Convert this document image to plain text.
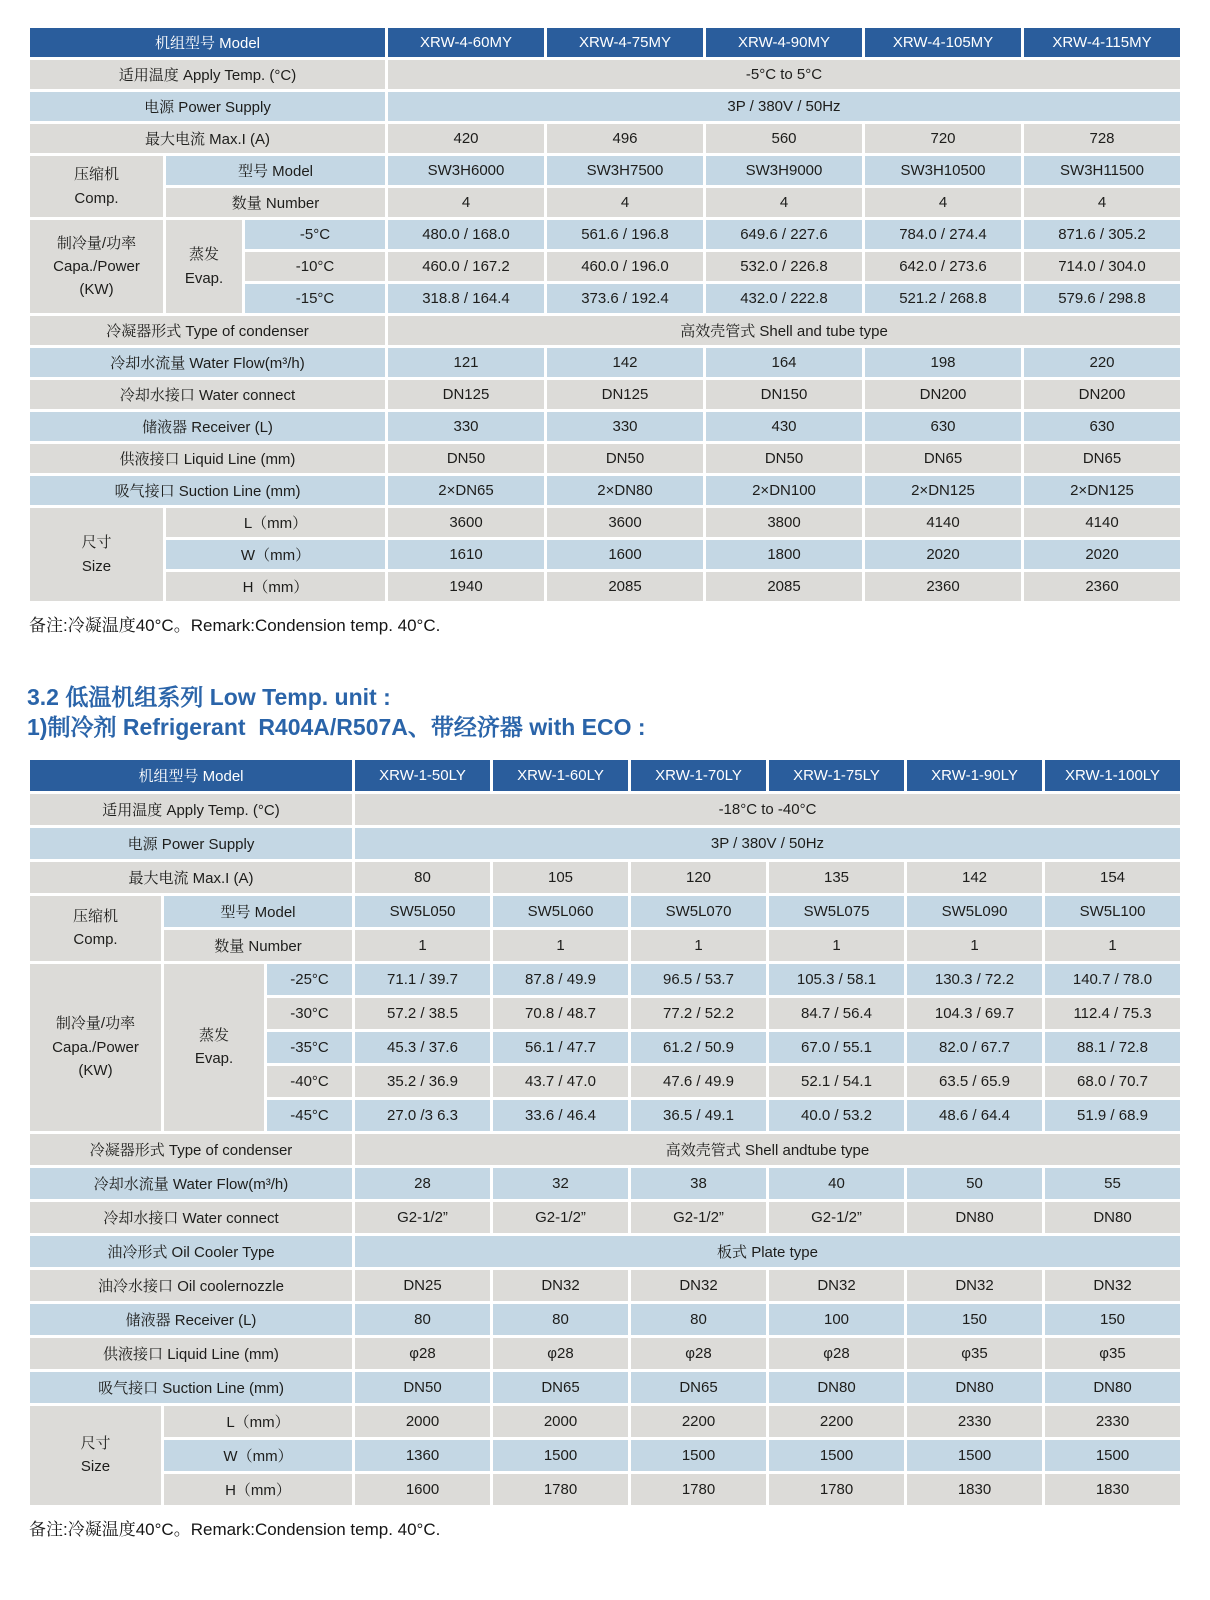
机组型号 Model			XRW-4-60MY	XRW-4-75MY	XRW-4-90MY	XRW-4-105MY	XRW-4-115MY
适用温度 Apply Temp. (°C)			-5°C to 5°C				
电源 Power Supply			3P / 380V / 50Hz				
最大电流 Max.I (A)			420	496	560	720	728
压缩机
Comp.	型号 Model		SW3H6000	SW3H7500	SW3H9000	SW3H10500	SW3H11500
	数量 Number		4	4	4	4	4
制冷量/功率
Capa./Power
(KW)	蒸发
Evap.	-5°C	480.0 / 168.0	561.6 / 196.8	649.6 / 227.6	784.0 / 274.4	871.6 / 305.2
		-10°C	460.0 / 167.2	460.0 / 196.0	532.0 / 226.8	642.0 / 273.6	714.0 / 304.0
		-15°C	318.8 / 164.4	373.6 / 192.4	432.0 / 222.8	521.2 / 268.8	579.6 / 298.8
冷凝器形式 Type of condenser			高效壳管式 Shell and tube type				
冷却水流量 Water Flow(m³/h)			121	142	164	198	220
冷却水接口 Water connect			DN125	DN125	DN150	DN200	DN200
储液器 Receiver (L)			330	330	430	630	630
供液接口 Liquid Line (mm)			DN50	DN50	DN50	DN65	DN65
吸气接口 Suction Line (mm)			2×DN65	2×DN80	2×DN100	2×DN125	2×DN125
尺寸
Size	L（mm）		3600	3600	3800	4140	4140
	W（mm）		1610	1600	1800	2020	2020
	H（mm）		1940	2085	2085	2360	2360
备注:冷凝温度40°C。Remark:Condension temp. 40°C.
3.2 低温机组系列 Low Temp. unit :
1)制冷剂 Refrigerant  R404A/R507A、带经济器 with ECO :
机组型号 Model			XRW-1-50LY	XRW-1-60LY	XRW-1-70LY	XRW-1-75LY	XRW-1-90LY	XRW-1-100LY
适用温度 Apply Temp. (°C)			-18°C to -40°C					
电源 Power Supply			3P / 380V / 50Hz					
最大电流 Max.I (A)			80	105	120	135	142	154
压缩机
Comp.	型号 Model		SW5L050	SW5L060	SW5L070	SW5L075	SW5L090	SW5L100
	数量 Number		1	1	1	1	1	1
制冷量/功率
Capa./Power
(KW)	蒸发
Evap.	-25°C	71.1 / 39.7	87.8 / 49.9	96.5 / 53.7	105.3 / 58.1	130.3 / 72.2	140.7 / 78.0
		-30°C	57.2 / 38.5	70.8 / 48.7	77.2 / 52.2	84.7 / 56.4	104.3 / 69.7	112.4 / 75.3
		-35°C	45.3 / 37.6	56.1 / 47.7	61.2 / 50.9	67.0 / 55.1	82.0 / 67.7	88.1 / 72.8
		-40°C	35.2 / 36.9	43.7 / 47.0	47.6 / 49.9	52.1 / 54.1	63.5 / 65.9	68.0 / 70.7
		-45°C	27.0 /3 6.3	33.6 / 46.4	36.5 / 49.1	40.0 / 53.2	48.6 / 64.4	51.9 / 68.9
冷凝器形式 Type of condenser			高效壳管式 Shell andtube type					
冷却水流量 Water Flow(m³/h)			28	32	38	40	50	55
冷却水接口 Water connect			G2-1/2”	G2-1/2”	G2-1/2”	G2-1/2”	DN80	DN80
油冷形式 Oil Cooler Type			板式 Plate type					
油冷水接口 Oil coolernozzle			DN25	DN32	DN32	DN32	DN32	DN32
储液器 Receiver (L)			80	80	80	100	150	150
供液接口 Liquid Line (mm)			φ28	φ28	φ28	φ28	φ35	φ35
吸气接口 Suction Line (mm)			DN50	DN65	DN65	DN80	DN80	DN80
尺寸
Size	L（mm）		2000	2000	2200	2200	2330	2330
	W（mm）		1360	1500	1500	1500	1500	1500
	H（mm）		1600	1780	1780	1780	1830	1830
备注:冷凝温度40°C。Remark:Condension temp. 40°C.
